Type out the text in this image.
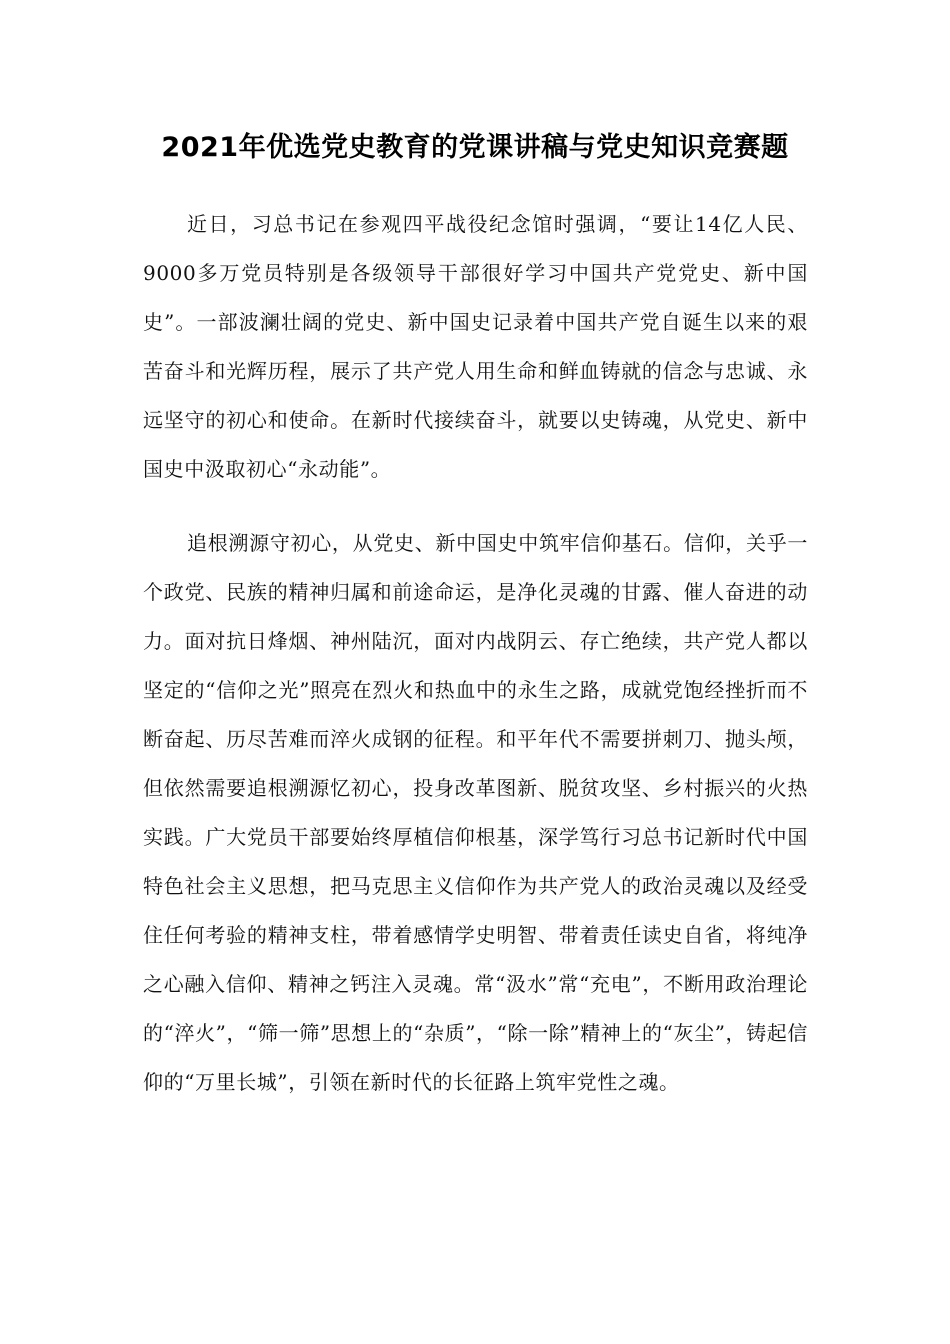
2021年优选党史教育的党课讲稿与党史知识竞赛题

近日，习总书记在参观四平战役纪念馆时强调，“要让14亿人民、9000多万党员特别是各级领导干部很好学习中国共产党党史、新中国史”。一部波澜壮阔的党史、新中国史记录着中国共产党自诞生以来的艰苦奋斗和光辉历程，展示了共产党人用生命和鲜血铸就的信念与忠诚、永远坚守的初心和使命。在新时代接续奋斗，就要以史铸魂，从党史、新中国史中汲取初心“永动能”。

追根溯源守初心，从党史、新中国史中筑牢信仰基石。信仰，关乎一个政党、民族的精神归属和前途命运，是净化灵魂的甘露、催人奋进的动力。面对抗日烽烟、神州陆沉，面对内战阴云、存亡绝续，共产党人都以坚定的“信仰之光”照亮在烈火和热血中的永生之路，成就党饱经挫折而不断奋起、历尽苦难而淬火成钢的征程。和平年代不需要拼刺刀、抛头颅，但依然需要追根溯源忆初心，投身改革图新、脱贫攻坚、乡村振兴的火热实践。广大党员干部要始终厚植信仰根基，深学笃行习总书记新时代中国特色社会主义思想，把马克思主义信仰作为共产党人的政治灵魂以及经受住任何考验的精神支柱，带着感情学史明智、带着责任读史自省，将纯净之心融入信仰、精神之钙注入灵魂。常“汲水”常“充电”，不断用政治理论的“淬火”，“筛一筛”思想上的“杂质”，“除一除”精神上的“灰尘”，铸起信仰的“万里长城”，引领在新时代的长征路上筑牢党性之魂。
